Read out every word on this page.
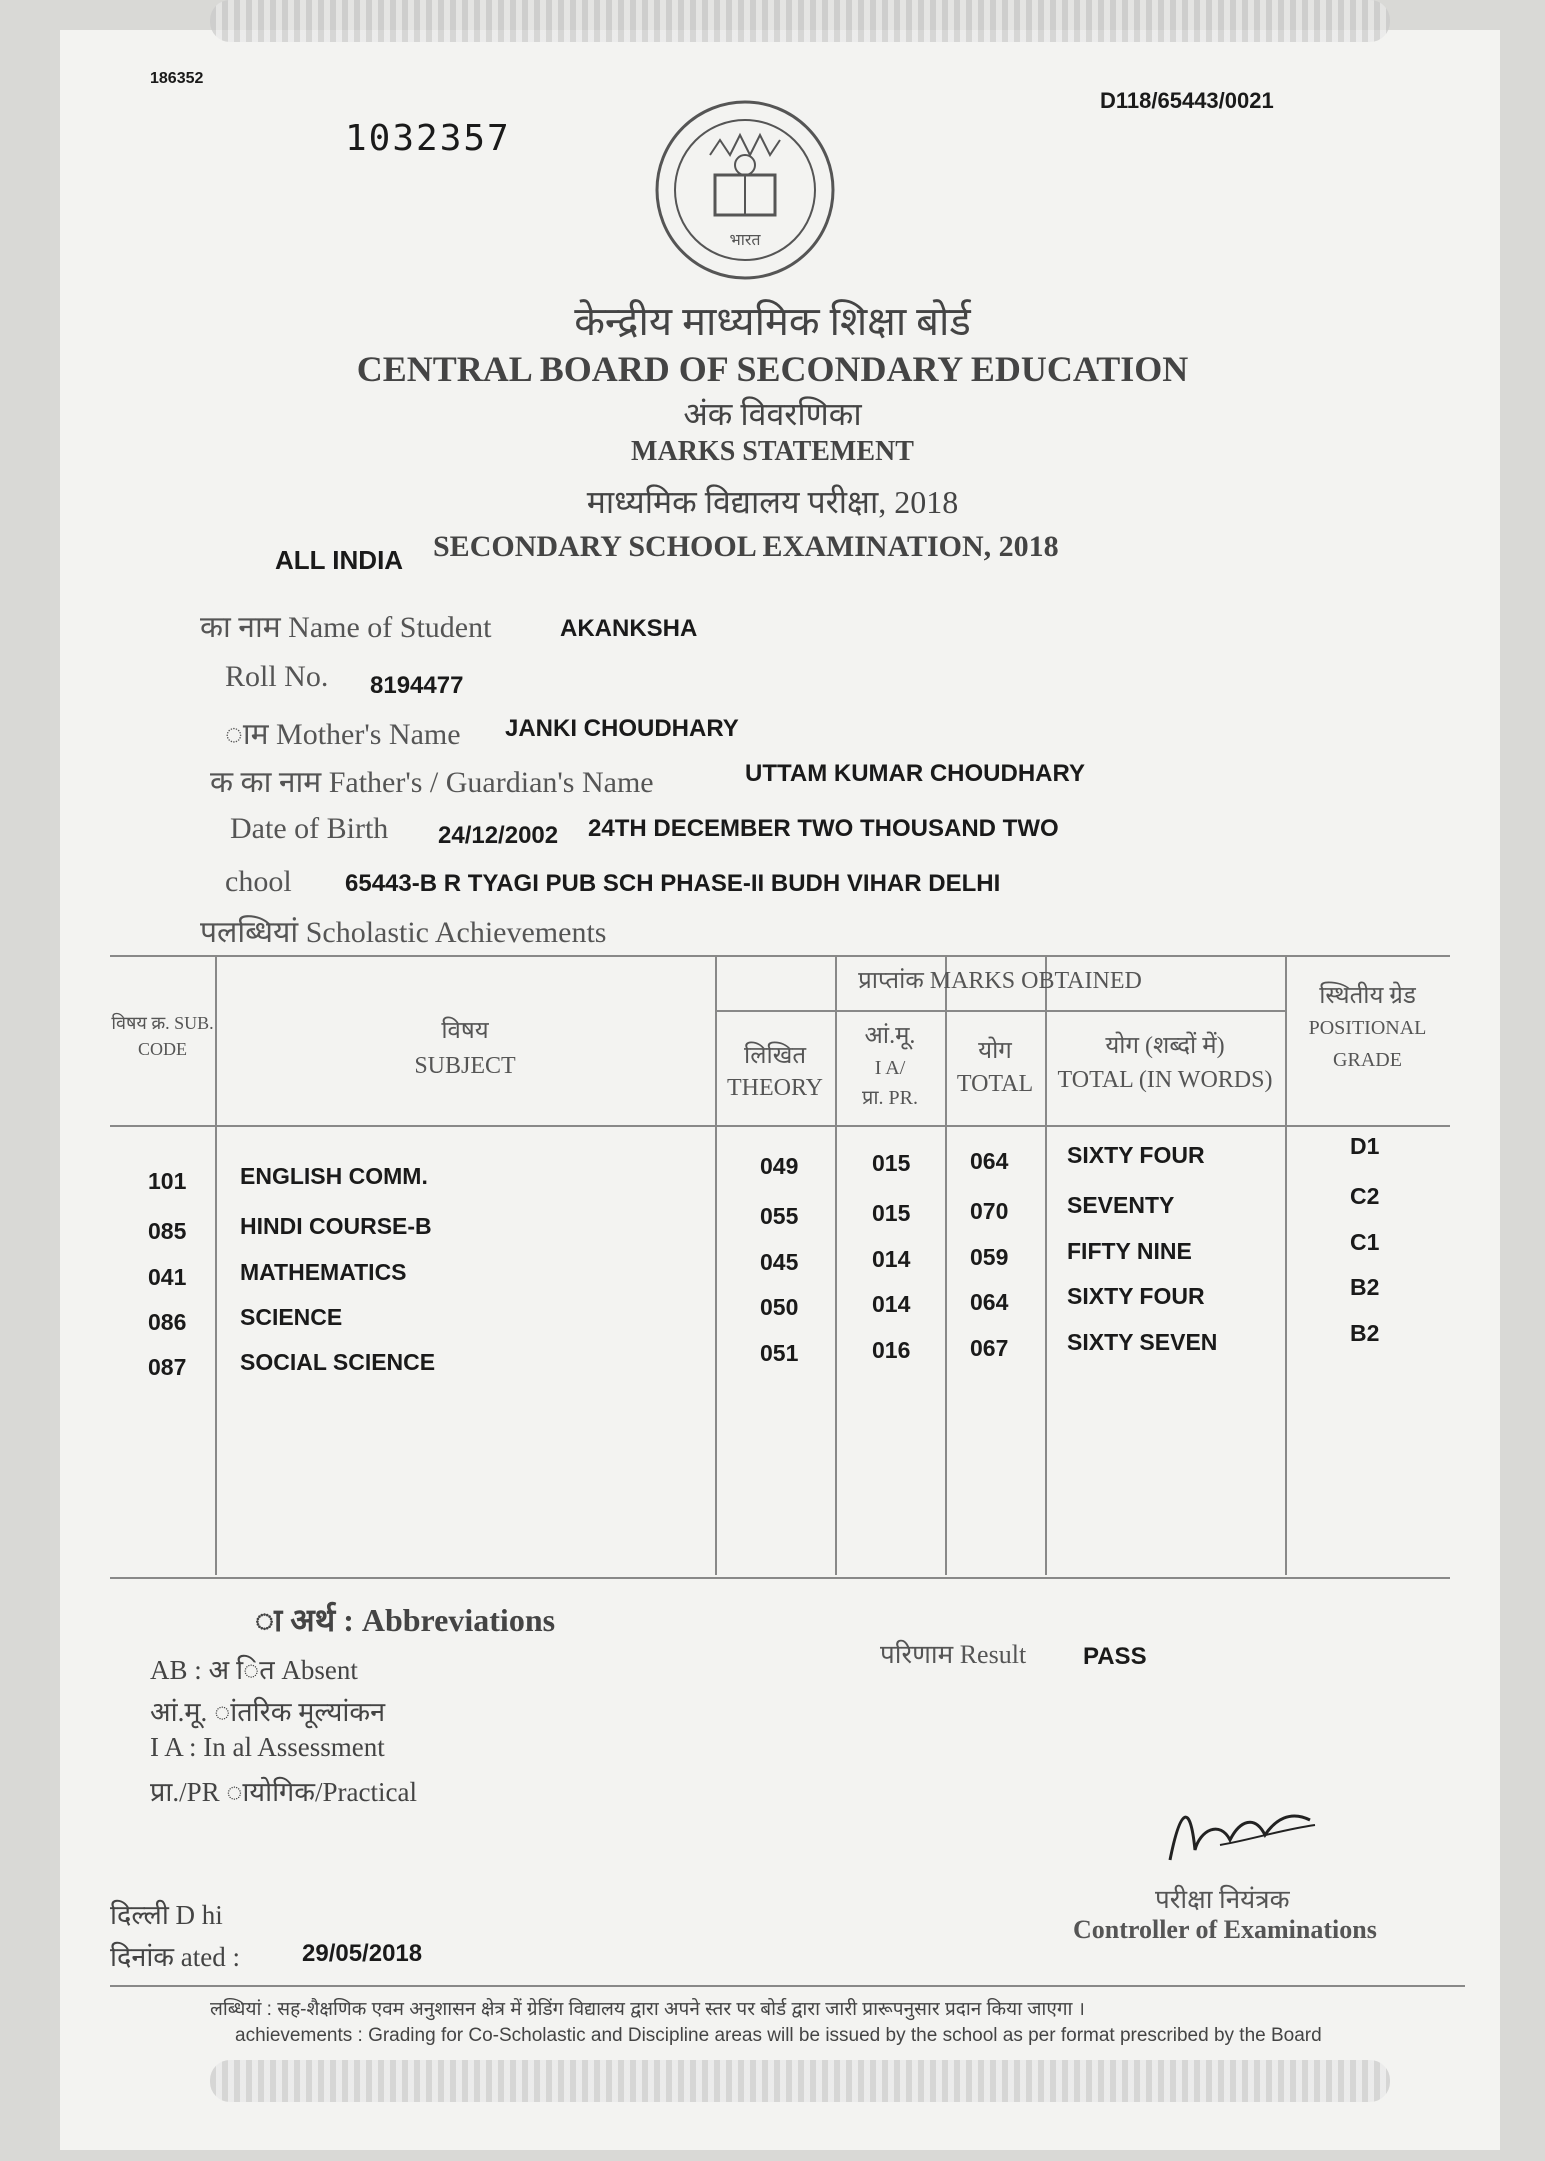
186352
1032357
D118/65443/0021
भारत
केन्द्रीय माध्यमिक शिक्षा बोर्ड
CENTRAL BOARD OF SECONDARY EDUCATION
अंक विवरणिका
MARKS STATEMENT
माध्यमिक विद्यालय परीक्षा, 2018
ALL INDIA SECONDARY SCHOOL EXAMINATION, 2018
का नाम Name of Student	AKANKSHA
Roll No. 8194477
ाम Mother's Name JANKI CHOUDHARY
क का नाम Father's / Guardian's Name	UTTAM KUMAR CHOUDHARY
Date of Birth 24/12/2002 24TH DECEMBER TWO THOUSAND TWO
chool 65443-B R TYAGI PUB SCH PHASE-II BUDH VIHAR DELHI
पलब्धियां Scholastic Achievements
विषय क्र. SUB. CODE
विषय
SUBJECT
प्राप्तांक MARKS OBTAINED
लिखित
THEORY
आं.मू.
I A/
प्रा. PR.
योग
TOTAL
योग (शब्दों में)
TOTAL (IN WORDS)
स्थितीय ग्रेड
POSITIONAL
GRADE
101 ENGLISH COMM.	049	015	064	SIXTY FOUR	D1
085 HINDI COURSE-B	055	015	070	SEVENTY	C2
041 MATHEMATICS	045	014	059	FIFTY NINE	C1
086 SCIENCE	050	014	064	SIXTY FOUR	B2
087 SOCIAL SCIENCE	051	016	067	SIXTY SEVEN	B2
ा अर्थ : Abbreviations
AB : अ ित Absent
आं.मू. ांतरिक मूल्यांकन
I A : In al Assessment
प्रा./PR ायोगिक/Practical
परिणाम Result PASS
परीक्षा नियंत्रक
Controller of Examinations
दिल्ली D hi
दिनांक ated :	29/05/2018
लब्धियां : सह-शैक्षणिक एवम अनुशासन क्षेत्र में ग्रेडिंग विद्यालय द्वारा अपने स्तर पर बोर्ड द्वारा जारी प्रारूपनुसार प्रदान किया जाएगा ।
achievements : Grading for Co-Scholastic and Discipline areas will be issued by the school as per format prescribed by the Board
